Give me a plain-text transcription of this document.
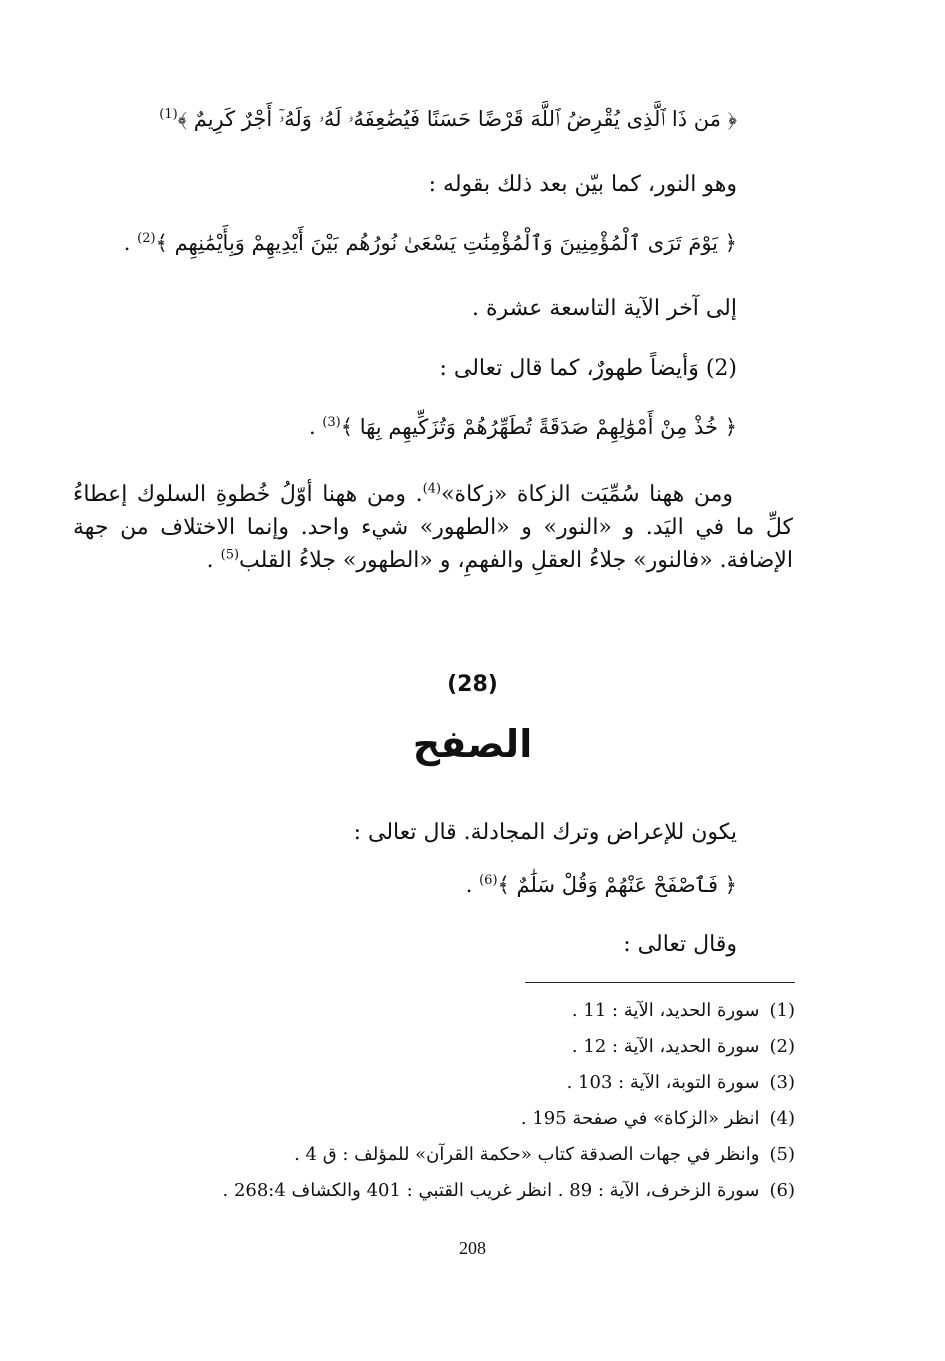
﴿ مَن ذَا ٱلَّذِى يُقْرِضُ ٱللَّهَ قَرْضًا حَسَنًا فَيُضَٰعِفَهُۥ لَهُۥ وَلَهُۥٓ أَجْرٌ كَرِيمٌ ﴾$^{(1)}$
وهو النور، كما بيّن بعد ذلك بقوله :
﴿ يَوْمَ تَرَى ٱلْمُؤْمِنِينَ وَٱلْمُؤْمِنَٰتِ يَسْعَىٰ نُورُهُم بَيْنَ أَيْدِيهِمْ وَبِأَيْمَٰنِهِم ﴾$^{(2)}$ .
إلى آخر الآية التاسعة عشرة .
(2) وَأيضاً طهورٌ، كما قال تعالى :
﴿ خُذْ مِنْ أَمْوَٰلِهِمْ صَدَقَةً تُطَهِّرُهُمْ وَتُزَكِّيهِم بِهَا ﴾$^{(3)}$ .
ومن ههنا سُمِّيَت الزكاة «زكاة»$^{(4)}$. ومن ههنا أوّلُ خُطوةِ السلوك إعطاءُ كلِّ ما في اليَد. و «النور» و «الطهور» شيء واحد. وإنما الاختلاف من جهة الإضافة. «فالنور» جلاءُ العقلِ والفهمِ، و «الطهور» جلاءُ القلب$^{(5)}$ .
(28)
الصفح
يكون للإعراض وترك المجادلة. قال تعالى :
﴿ فَٱصْفَحْ عَنْهُمْ وَقُلْ سَلَٰمٌ ﴾$^{(6)}$ .
وقال تعالى :
(1)سورة الحديد، الآية : 11 .
(2)سورة الحديد، الآية : 12 .
(3)سورة التوبة، الآية : 103 .
(4)انظر «الزكاة» في صفحة 195 .
(5)وانظر في جهات الصدقة كتاب «حكمة القرآن» للمؤلف : ق 4 .
(6)سورة الزخرف، الآية : 89 . انظر غريب القتبي : 401 والكشاف 268:4 .
208
